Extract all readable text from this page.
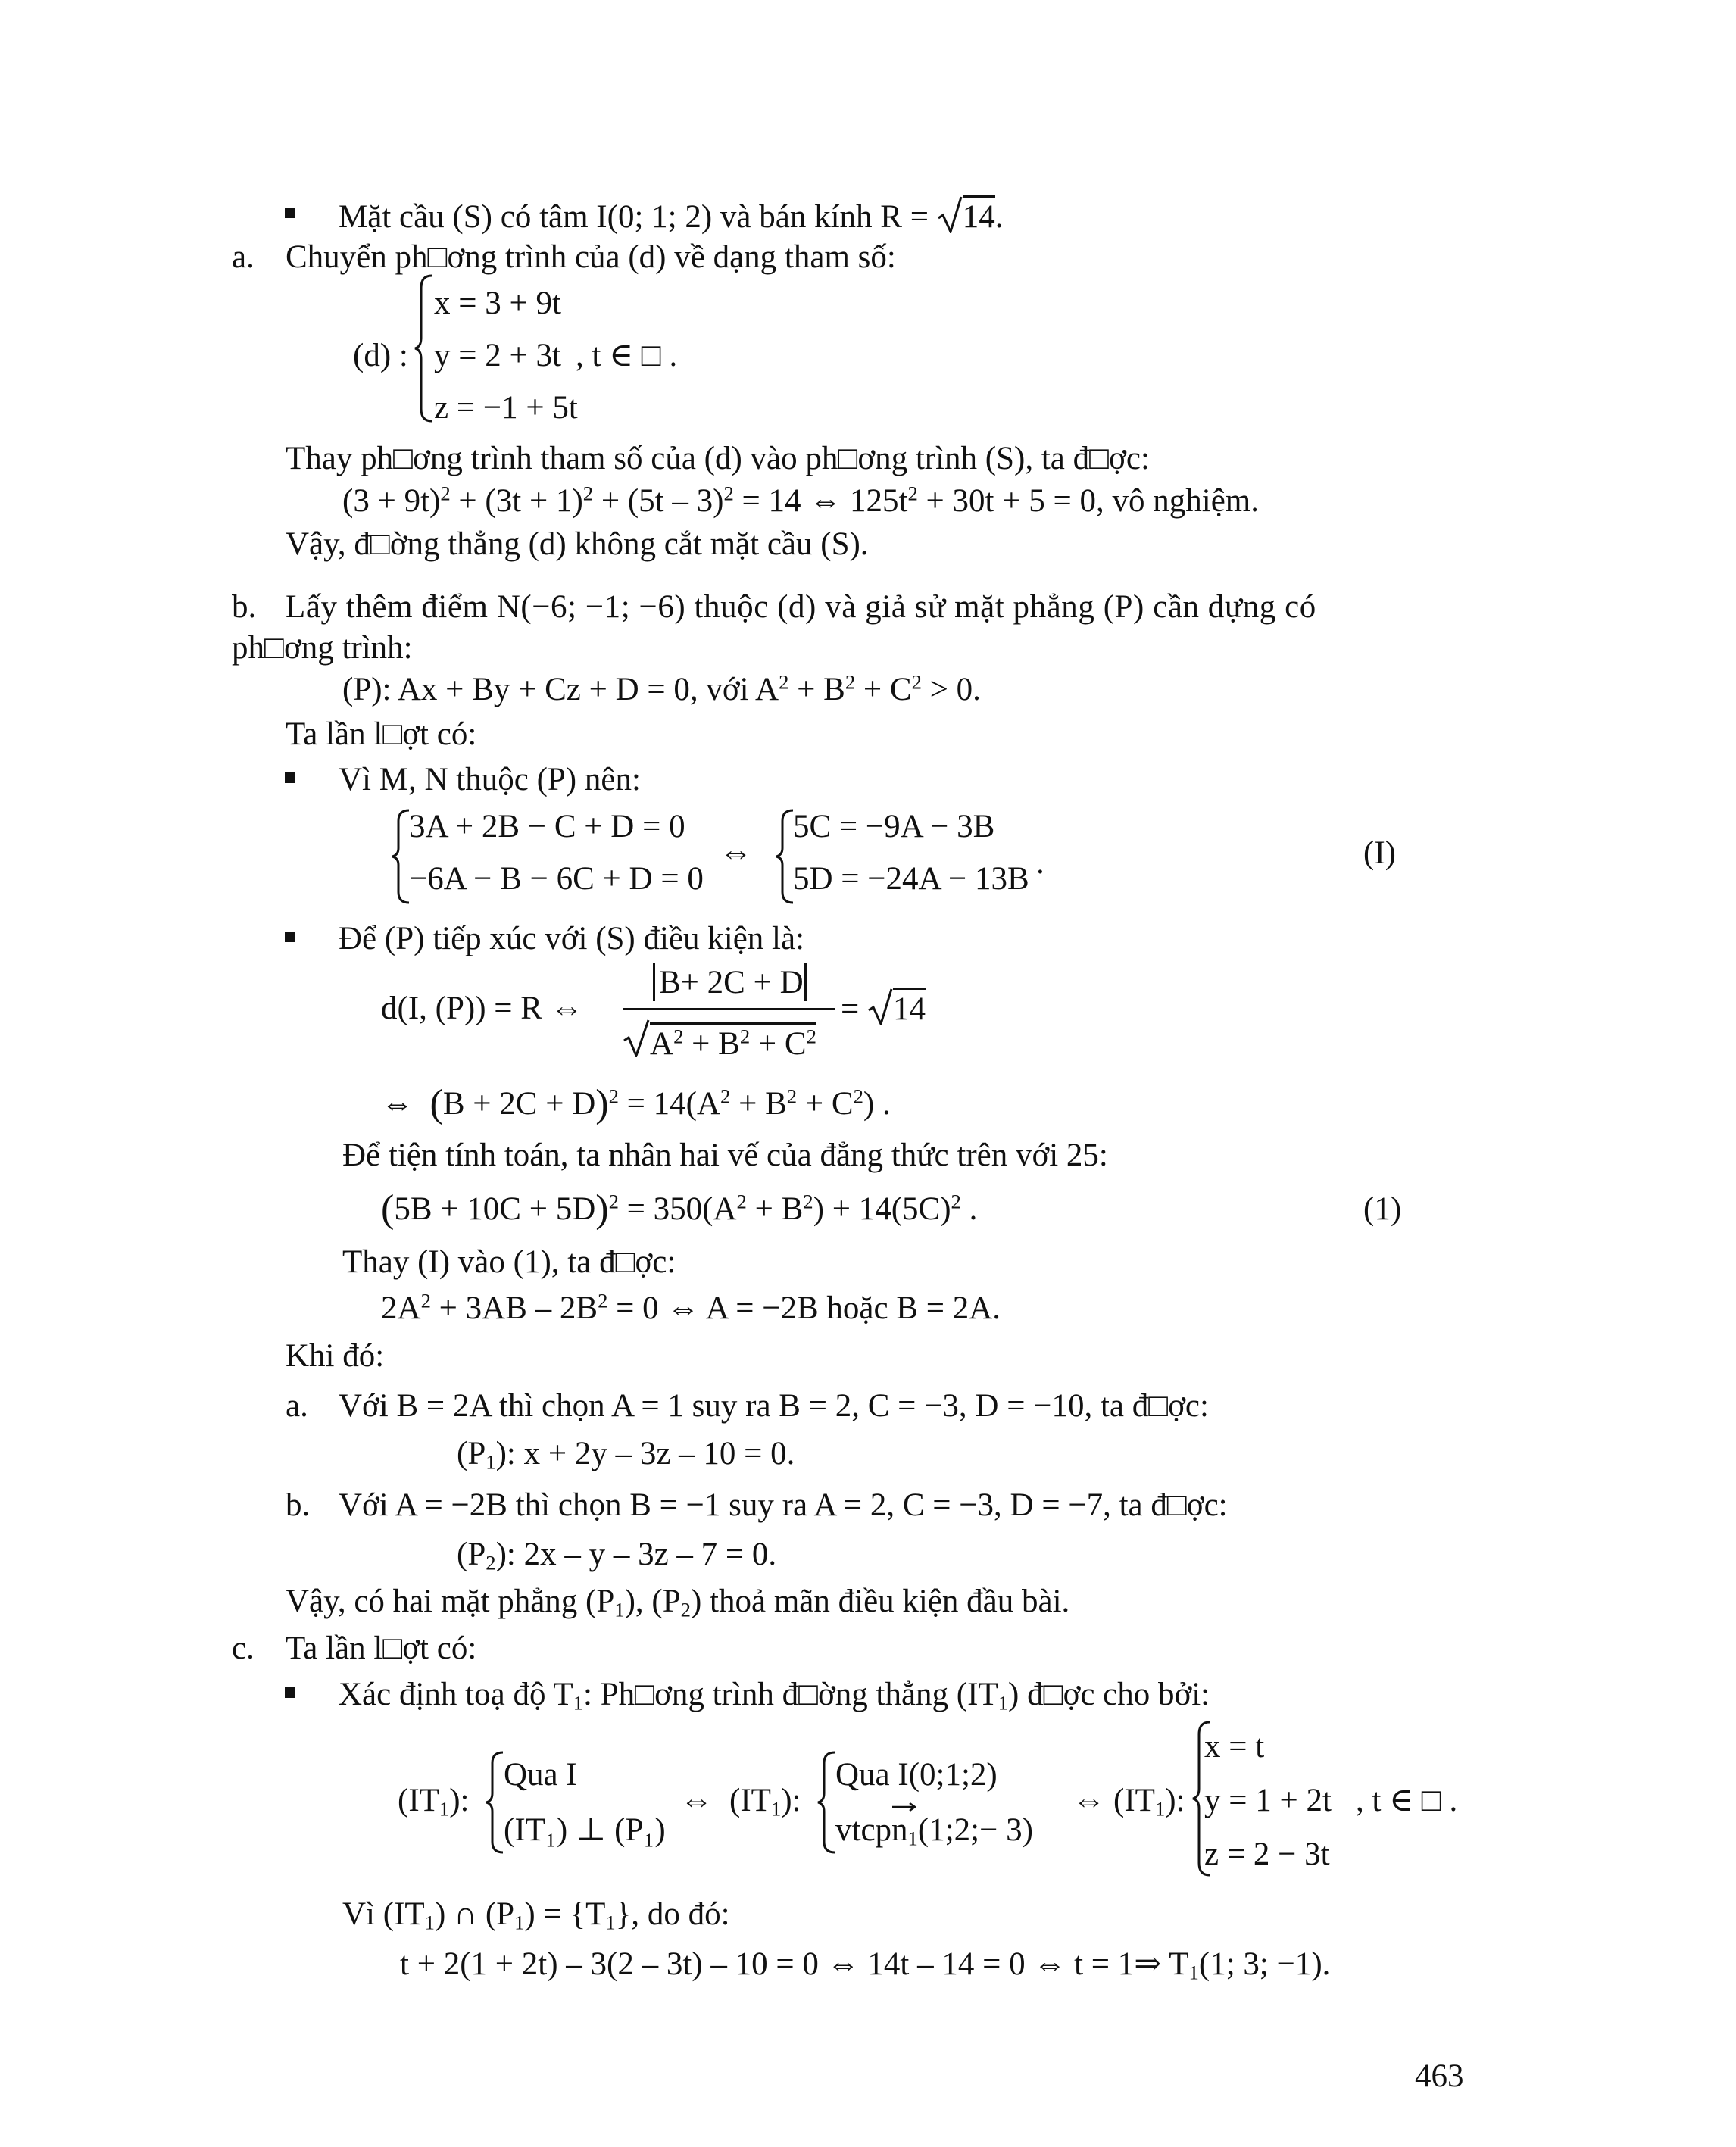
Mặt cầu (S) có tâm I(0; 1; 2) và bán kính R =
14.
a. Chuyển ph□ơng trình của (d) về dạng tham số:
(d) :
x = 3 + 9t
y = 2 + 3t
z = −1 + 5t
, t ∈ □ .
Thay ph□ơng trình tham số của (d) vào ph□ơng trình (S), ta đ□ợc:
$(3 + 9t)^2 + (3t + 1)^2 + (5t - 3)^2 = 14$ ⇔ $125t^2 + 30t + 5 = 0$, vô nghiệm.
Vậy, đ□ờng thẳng (d) không cắt mặt cầu (S).
b. Lấy thêm điểm N(−6; −1; −6) thuộc (d) và giả sử mặt phẳng (P) cần dựng có
ph□ơng trình:
(P): Ax + By + Cz + D = 0, với $A^2 + B^2 + C^2 > 0$.
Ta lần l□ợt có:
Vì M, N thuộc (P) nên:
3A + 2B − C + D = 0
−6A − B − 6C + D = 0
⇔
5C = −9A − 3B
5D = −24A − 13B .	(I)
Để (P) tiếp xúc với (S) điều kiện là:
d(I, (P)) = R ⇔
B+ 2C + D
$A^2 + B^2 + C^2$
=
14
⇔ $(B + 2C + D)^2 = 14(A^2 + B^2 + C^2)$ .
Để tiện tính toán, ta nhân hai vế của đẳng thức trên với 25:
$(5B + 10C + 5D)^2 = 350(A^2 + B^2) + 14(5C)^2$ .	(1)
Thay (I) vào (1), ta đ□ợc:
$2A^2 + 3AB - 2B^2 = 0$ ⇔ A = −2B hoặc B = 2A.
Khi đó:
a. Với B = 2A thì chọn A = 1 suy ra B = 2, C = −3, D = −10, ta đ□ợc:
$(P_1)$: x + 2y – 3z – 10 = 0.
b. Với A = −2B thì chọn B = −1 suy ra A = 2, C = −3, D = −7, ta đ□ợc:
$(P_2)$: 2x – y – 3z – 7 = 0.
Vậy, có hai mặt phẳng $(P_1)$, $(P_2)$ thoả mãn điều kiện đầu bài.
c. Ta lần l□ợt có:
Xác định toạ độ $T_1$: Ph□ơng trình đ□ờng thẳng $(IT_1)$ đ□ợc cho bởi:
$(IT_1)$:
Qua I
(IT₁) ⊥ (P₁)
⇔ $(IT_1)$:
Qua I(0;1;2)
vtcp
$n_1(1;2;- 3)$
⇔ $(IT_1)$:
x = t
y = 1 + 2t
z = 2 − 3t
, t ∈ □ .
Vì $(IT_1)$ ∩ $(P_1) = \{T_1\}$, do đó:
t + 2(1 + 2t) – 3(2 – 3t) – 10 = 0 ⇔ 14t – 14 = 0 ⇔ t = 1⇒ $T_1(1$; 3; −1).
463
